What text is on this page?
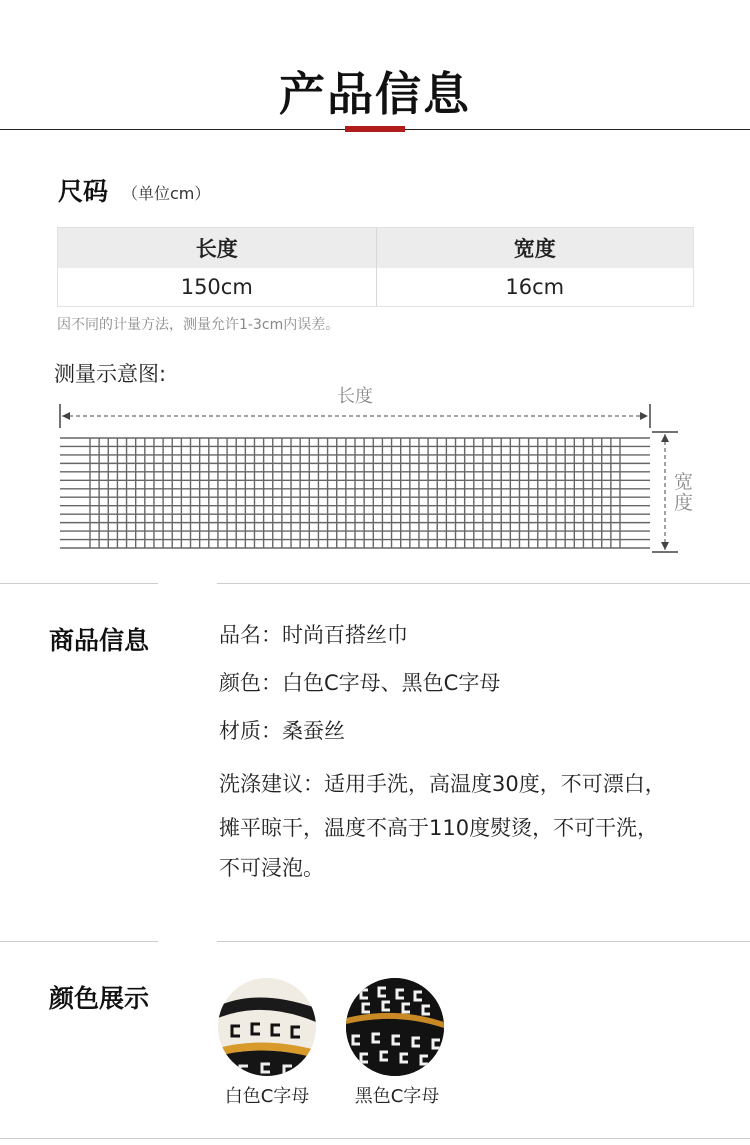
产品信息
尺码 （单位cm）
长度	宽度
150cm	16cm
因不同的计量方法，测量允许1-3cm内误差。
测量示意图:
长度
宽度
商品信息	品名：时尚百搭丝巾
颜色：白色C字母、黑色C字母
材质：桑蚕丝
洗涤建议：适用手洗，高温度30度，不可漂白，
摊平晾干，温度不高于110度熨烫，不可干洗，
不可浸泡。
颜色展示
白色C字母	黑色C字母
